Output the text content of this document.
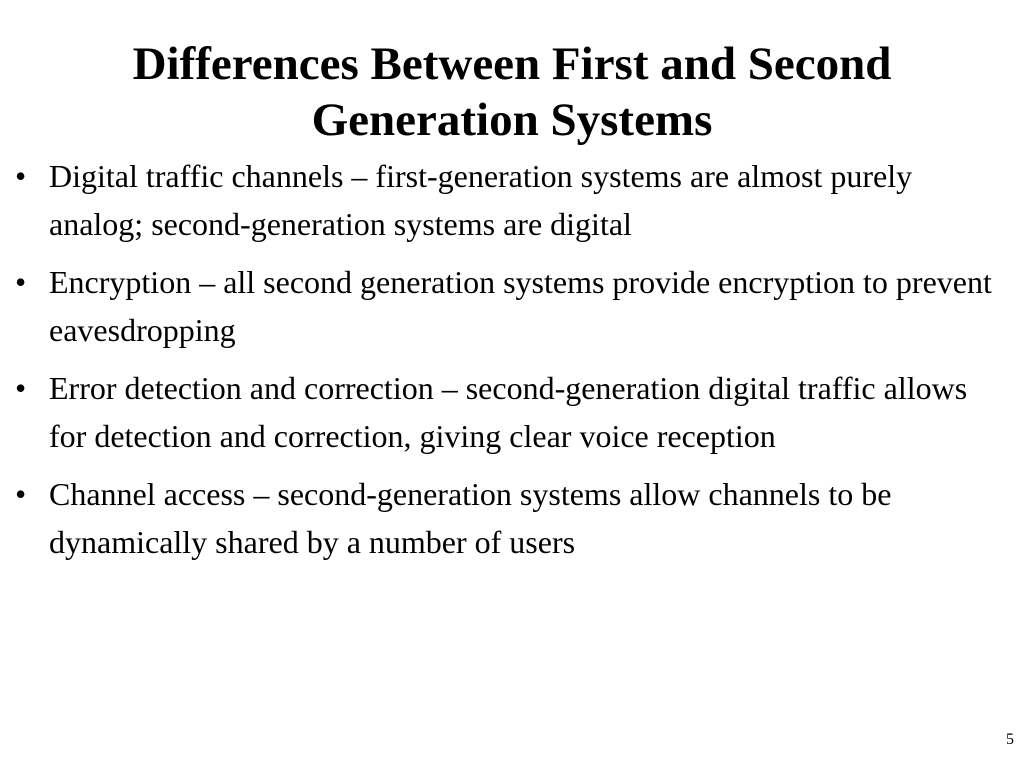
Differences Between First and Second
Generation Systems
• Digital traffic channels – first-generation systems are almost purely analog; second-generation systems are digital
• Encryption – all second generation systems provide encryption to prevent eavesdropping
• Error detection and correction – second-generation digital traffic allows for detection and correction, giving clear voice reception
• Channel access – second-generation systems allow channels to be dynamically shared by a number of users
5
